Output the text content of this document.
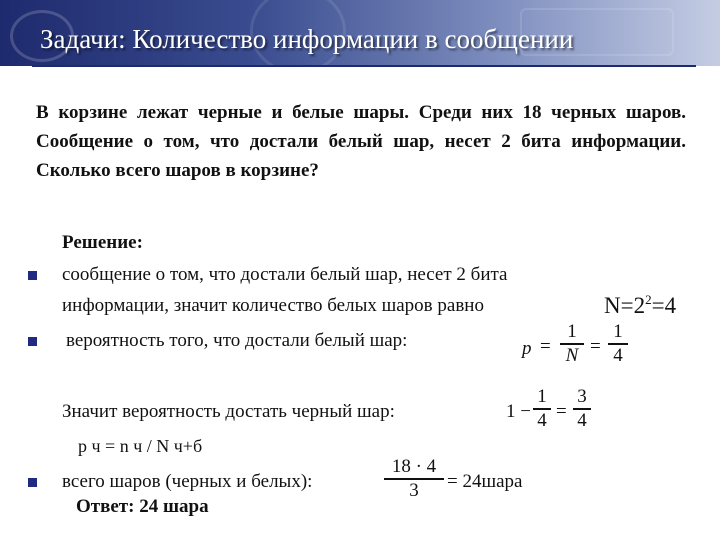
Задачи: Количество информации в сообщении
В корзине лежат черные и белые шары. Среди них 18 черных шаров. Сообщение о том, что достали белый шар, несет 2 бита информации. Сколько всего шаров в корзине?
Решение:
сообщение о том, что достали белый шар, несет 2 бита
информации, значит количество белых шаров равно	$N=2^2=4$
вероятность того, что достали белый шар:	p =
1
N =
1
4
Значит вероятность достать черный шар:	1 −
1
4 =
3
4
p ч = n ч / N ч+б
всего шаров (черных и белых):
18 · 4
3	= 24шара
Ответ: 24 шара
